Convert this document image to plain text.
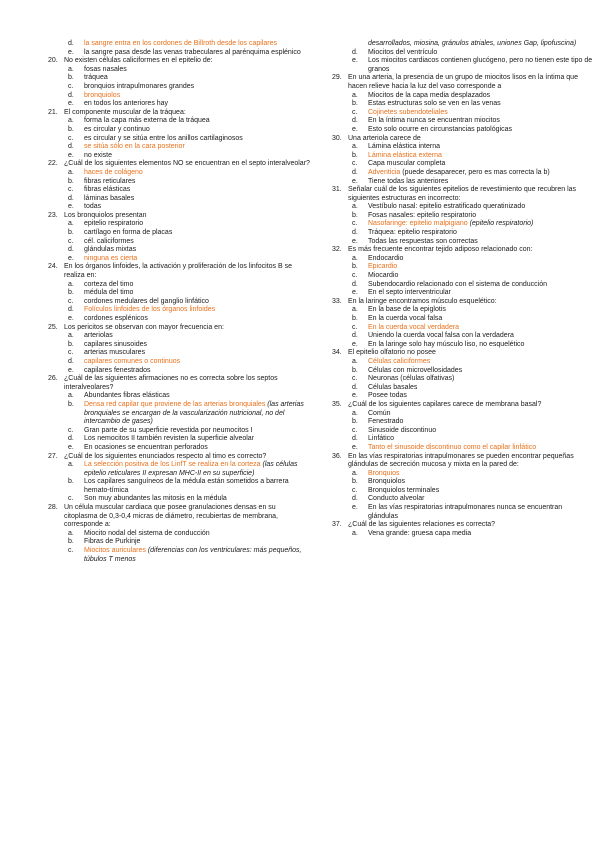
d. la sangre entra en los cordones de Billroth desde los capilares
e. la sangre pasa desde las venas trabeculares al parénquima esplénico
20. No existen células caliciformes en el epitelio de:
a. fosas nasales
b. tráquea
c. bronquios intrapulmonares grandes
d. bronquiolos
e. en todos los anteriores hay
21. El componente muscular de la tráquea:
a. forma la capa más externa de la tráquea
b. es circular y continuo
c. es circular y se sitúa entre los anillos cartilaginosos
d. se sitúa sólo en la cara posterior
e. no existe
22. ¿Cuál de los siguientes elementos NO se encuentran en el septo interalveolar?
a. haces de colágeno
b. fibras reticulares
c. fibras elásticas
d. láminas basales
e. todas
23. Los bronquiolos presentan
a. epitelio respiratorio
b. cartílago en forma de placas
c. cél. caliciformes
d. glándulas mixtas
e. ninguna es cierta
24. En los órganos linfoides, la activación y proliferación de los linfocitos B se realiza en:
a. corteza del timo
b. médula del timo
c. cordones medulares del ganglio linfático
d. Folículos linfoides de los órganos linfoides
e. cordones esplénicos
25. Los pericitos se observan con mayor frecuencia en:
a. arteriolas
b. capilares sinusoides
c. arterias musculares
d. capilares comunes o continuos
e. capilares fenestrados
26. ¿Cuál de las siguientes afirmaciones no es correcta sobre los septos interalveolares?
a. Abundantes fibras elásticas
b. Densa red capilar que proviene de las arterias bronquiales (las arterias bronquiales se encargan de la vascularización nutricional, no del intercambio de gases)
c. Gran parte de su superficie revestida por neumocitos I
d. Los nemocitos II también revisten la superficie alveolar
e. En ocasiones se encuentran perforados
27. ¿Cuál de los siguientes enunciados respecto al timo es correcto?
a. La selección positiva de los LinfT se realiza en la corteza (las células epitelio reticulares II expresan MHC-II en su superficie)
b. Los capilares sanguíneos de la médula están sometidos a barrera hemato-tímica
c. Son muy abundantes las mitosis en la médula
28. Un célula muscular cardiaca que posee granulaciones densas en su citoplasma de 0,3-0,4 micras de diámetro, recubiertas de membrana, corresponde a:
a. Miocito nodal del sistema de conducción
b. Fibras de Purkinje
c. Miocitos auriculares (diferencias con los ventriculares: más pequeños, túbulos T menos
desarrollados, miosina, gránulos atriales, uniones Gap, lipofuscina)
d. Miocitos del ventrículo
e. Los miocitos cardiacos contienen glucógeno, pero no tienen este tipo de granos
29. En una arteria, la presencia de un grupo de miocitos lisos en la íntima que hacen relieve hacia la luz del vaso corresponde a
a. Miocitos de la capa media desplazados
b. Estas estructuras solo se ven en las venas
c. Cojinetes subendoteliales
d. En la íntima nunca se encuentran miocitos
e. Esto solo ocurre en circunstancias patológicas
30. Una arteriola carece de
a. Lámina elástica interna
b. Lámina elástica externa
c. Capa muscular completa
d. Adventicia (puede desaparecer, pero es mas correcta la b)
e. Tiene todas las anteriores
31. Señalar cuál de los siguientes epitelios de revestimiento que recubren las siguientes estructuras en incorrecto:
a. Vestíbulo nasal: epitelio estratificado queratinizado
b. Fosas nasales: epitelio respiratorio
c. Nasofaringe: epitelio malpigiano (epitelio respiratorio)
d. Tráquea: epitelio respiratorio
e. Todas las respuestas son correctas
32. Es más frecuente encontrar tejido adiposo relacionado con:
a. Endocardio
b. Epicardio
c. Miocardio
d. Subendocardio relacionado con el sistema de conducción
e. En el septo interventricular
33. En la laringe encontramos músculo esquelético:
a. En la base de la epiglotis
b. En la cuerda vocal falsa
c. En la cuerda vocal verdadera
d. Uniendo la cuerda vocal falsa con la verdadera
e. En la laringe solo hay músculo liso, no esquelético
34. El epitelio olfatorio no posee
a. Células caliciformes
b. Células con microvellosidades
c. Neuronas (células olfativas)
d. Células basales
e. Posee todas
35. ¿Cuál de los siguientes capilares carece de membrana basal?
a. Común
b. Fenestrado
c. Sinusoide discontinuo
d. Linfático
e. Tanto el sinusoide discontinuo como el capilar linfático
36. En las vías respiratorias intrapulmonares se pueden encontrar pequeñas glándulas de secreción mucosa y mixta en la pared de:
a. Bronquios
b. Bronquiolos
c. Bronquiolos terminales
d. Conducto alveolar
e. En las vías respiratorias intrapulmonares nunca se encuentran glándulas
37. ¿Cuál de las siguientes relaciones es correcta?
a. Vena grande: gruesa capa media
